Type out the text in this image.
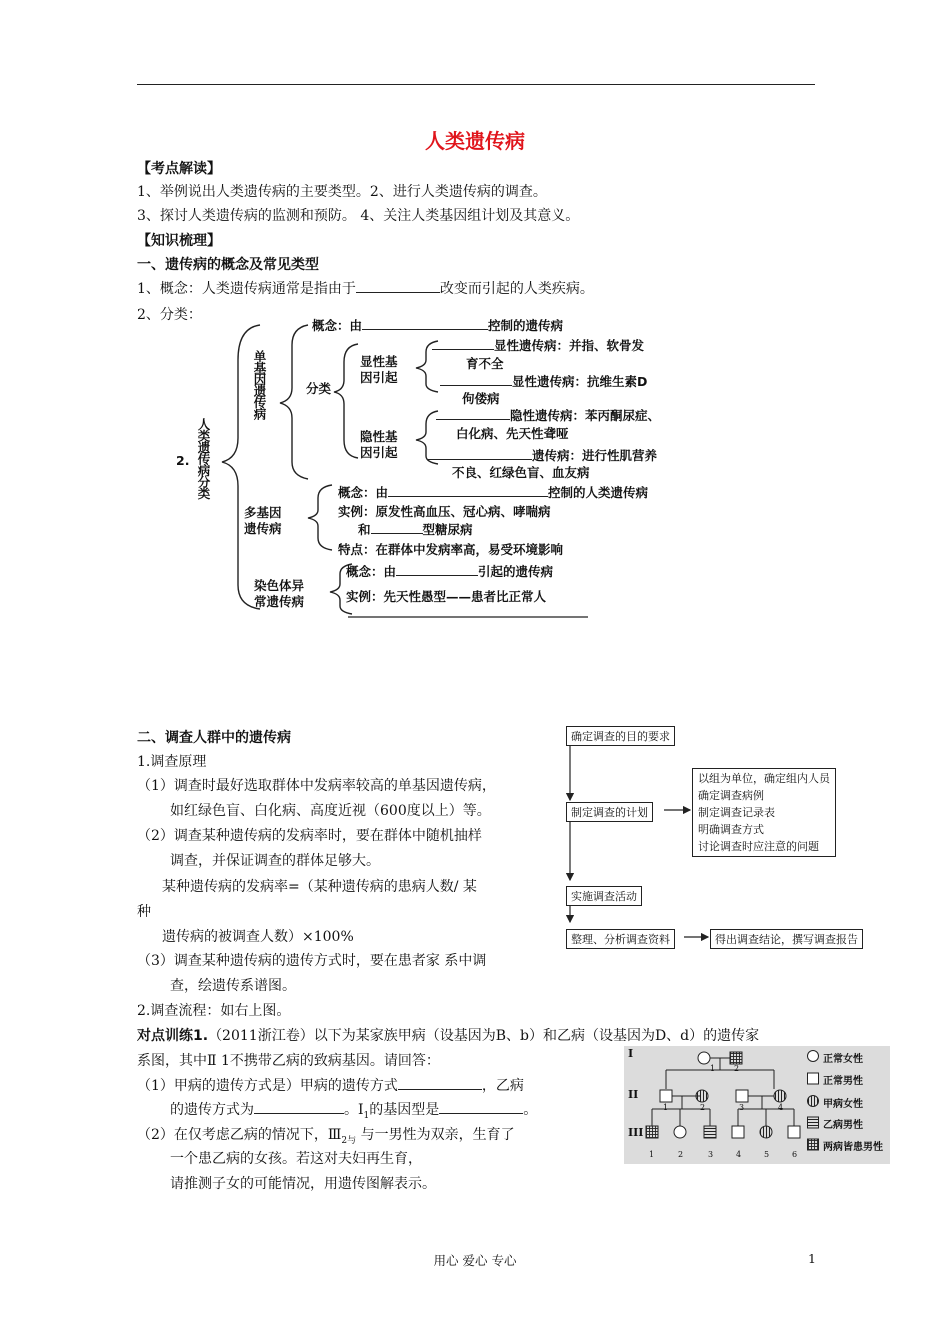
人类遗传病
【考点解读】
1、举例说出人类遗传病的主要类型。2、进行人类遗传病的调查。
3、探讨人类遗传病的监测和预防。 4、关注人类基因组计划及其意义。
【知识梳理】
一、遗传病的概念及常见类型
1、概念：人类遗传病通常是指由于	改变而引起的人类疾病。
2、分类：
2. 人类遗传病分类
单基因遗传病
概念：由	控制的遗传病
分类
显性基
因引起
显性遗传病：并指、软骨发
育不全
显性遗传病：抗维生素D
佝偻病
隐性基
因引起
隐性遗传病：苯丙酮尿症、
白化病、先天性聋哑
遗传病：进行性肌营养
不良、红绿色盲、血友病
多基因
遗传病
概念：由	控制的人类遗传病
实例：原发性高血压、冠心病、哮喘病
和	型糖尿病
特点：在群体中发病率高，易受环境影响
染色体异
常遗传病
概念：由	引起的遗传病
实例：先天性愚型——患者比正常人
二、调查人群中的遗传病
1.调查原理
（1）调查时最好选取群体中发病率较高的单基因遗传病，
如红绿色盲、白化病、高度近视（600度以上）等。
（2）调查某种遗传病的发病率时，要在群体中随机抽样
调查，并保证调查的群体足够大。
某种遗传病的发病率=（某种遗传病的患病人数/ 某
种
遗传病的被调查人数）×100%
（3）调查某种遗传病的遗传方式时，要在患者家 系中调
查，绘遗传系谱图。
2.调查流程：如右上图。
确定调查的目的要求
制定调查的计划
实施调查活动
整理、分析调查资料	得出调查结论，撰写调查报告
以组为单位，确定组内人员
确定调查病例
制定调查记录表
明确调查方式
讨论调查时应注意的问题
对点训练1.（2011浙江卷）以下为某家族甲病（设基因为B、b）和乙病（设基因为D、d）的遗传家
系图，其中Ⅱ 1不携带乙病的致病基因。请回答：
（1）甲病的遗传方式是）甲病的遗传方式	，乙病
的遗传方式为	。$I_1$的基因型是	。
（2）在仅考虑乙病的情况下，$Ⅲ_{2与}$ 与一男性为双亲，生育了
一个患乙病的女孩。若这对夫妇再生育，
请推测子女的可能情况，用遗传图解表示。
I
II
III
1 2
1	2	3	4
1	2	3	4	5	6
正常女性
正常男性
甲病女性
乙病男性
两病皆患男性
用心 爱心 专心	1
